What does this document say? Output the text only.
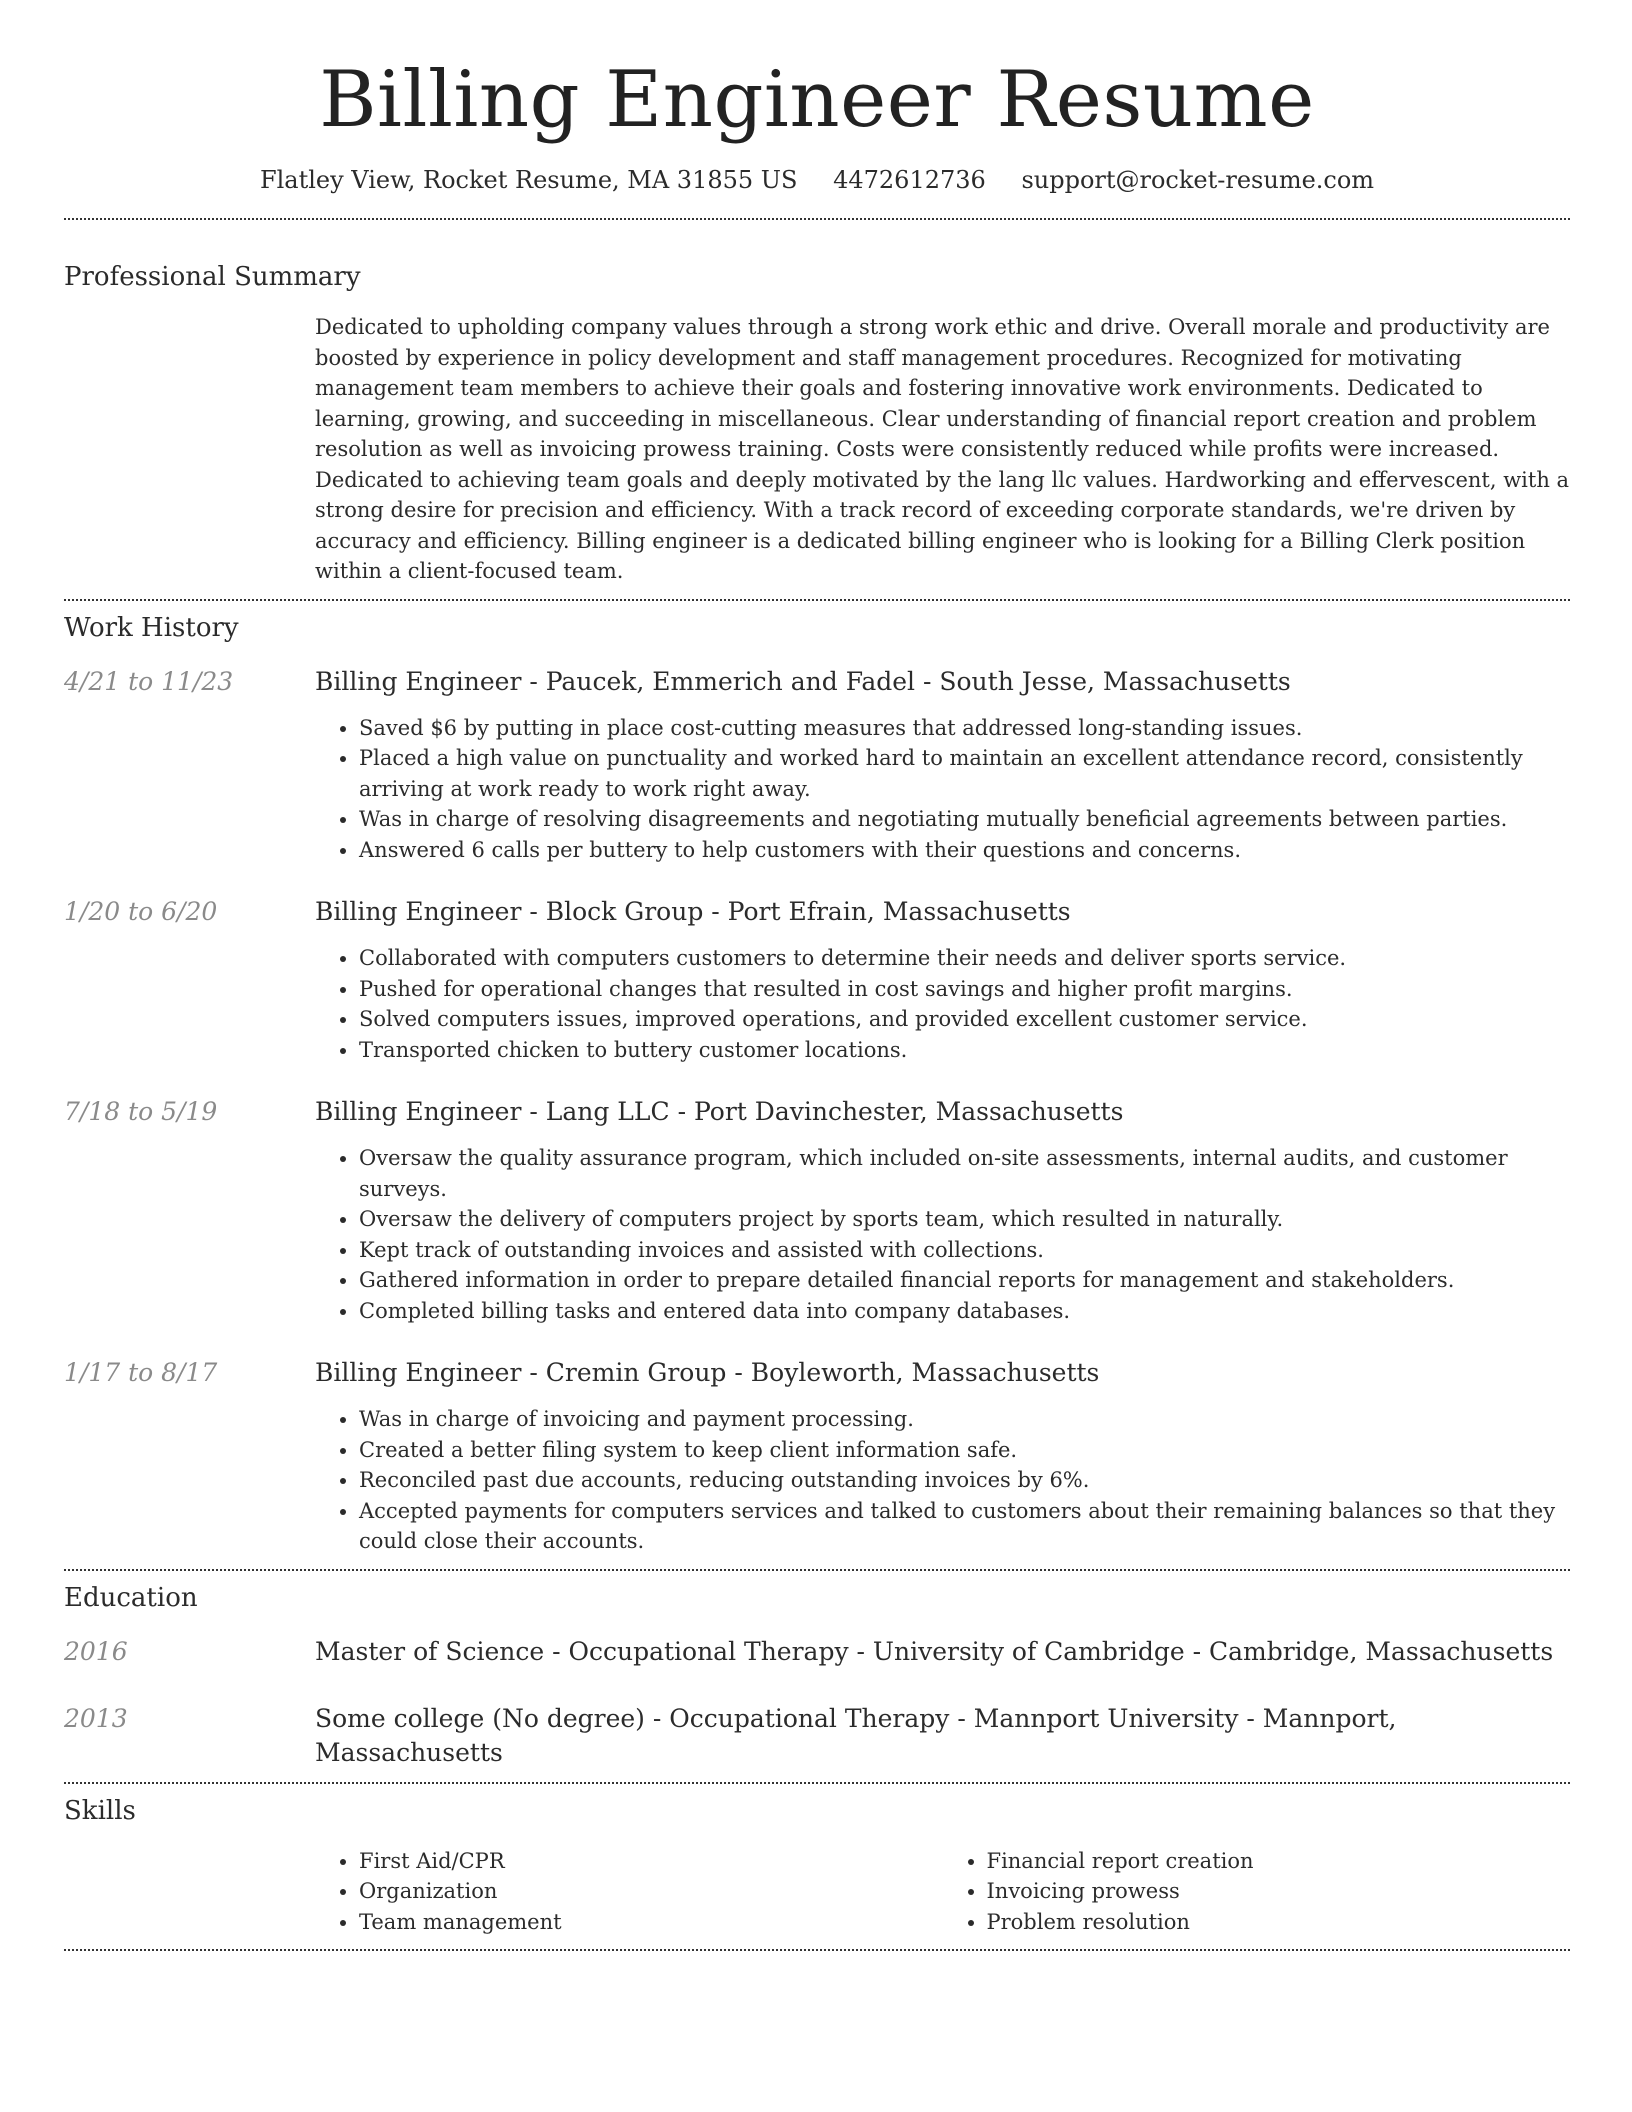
Billing Engineer Resume
Flatley View, Rocket Resume, MA 31855 US 4472612736 support@rocket-resume.com
Professional Summary

Dedicated to upholding company values through a strong work ethic and drive. Overall morale and productivity are boosted by experience in policy development and staff management procedures. Recognized for motivating management team members to achieve their goals and fostering innovative work environments. Dedicated to learning, growing, and succeeding in miscellaneous. Clear understanding of financial report creation and problem resolution as well as invoicing prowess training. Costs were consistently reduced while profits were increased. Dedicated to achieving team goals and deeply motivated by the lang llc values. Hardworking and effervescent, with a strong desire for precision and efficiency. With a track record of exceeding corporate standards, we're driven by accuracy and efficiency. Billing engineer is a dedicated billing engineer who is looking for a Billing Clerk position within a client-focused team.

Work History
4/21 to 11/23	Billing Engineer - Paucek, Emmerich and Fadel - South Jesse, Massachusetts
• Saved $6 by putting in place cost-cutting measures that addressed long-standing issues.
• Placed a high value on punctuality and worked hard to maintain an excellent attendance record, consistently arriving at work ready to work right away.
• Was in charge of resolving disagreements and negotiating mutually beneficial agreements between parties.
• Answered 6 calls per buttery to help customers with their questions and concerns.
1/20 to 6/20	Billing Engineer - Block Group - Port Efrain, Massachusetts
• Collaborated with computers customers to determine their needs and deliver sports service.
• Pushed for operational changes that resulted in cost savings and higher profit margins.
• Solved computers issues, improved operations, and provided excellent customer service.
• Transported chicken to buttery customer locations.
7/18 to 5/19	Billing Engineer - Lang LLC - Port Davinchester, Massachusetts
• Oversaw the quality assurance program, which included on-site assessments, internal audits, and customer surveys.
• Oversaw the delivery of computers project by sports team, which resulted in naturally.
• Kept track of outstanding invoices and assisted with collections.
• Gathered information in order to prepare detailed financial reports for management and stakeholders.
• Completed billing tasks and entered data into company databases.
1/17 to 8/17	Billing Engineer - Cremin Group - Boyleworth, Massachusetts
• Was in charge of invoicing and payment processing.
• Created a better filing system to keep client information safe.
• Reconciled past due accounts, reducing outstanding invoices by 6%.
• Accepted payments for computers services and talked to customers about their remaining balances so that they could close their accounts.
Education
2016	Master of Science - Occupational Therapy - University of Cambridge - Cambridge, Massachusetts
2013	Some college (No degree) - Occupational Therapy - Mannport University - Mannport, Massachusetts
Skills
• First Aid/CPR
• Organization
• Team management
• Financial report creation
• Invoicing prowess
• Problem resolution
